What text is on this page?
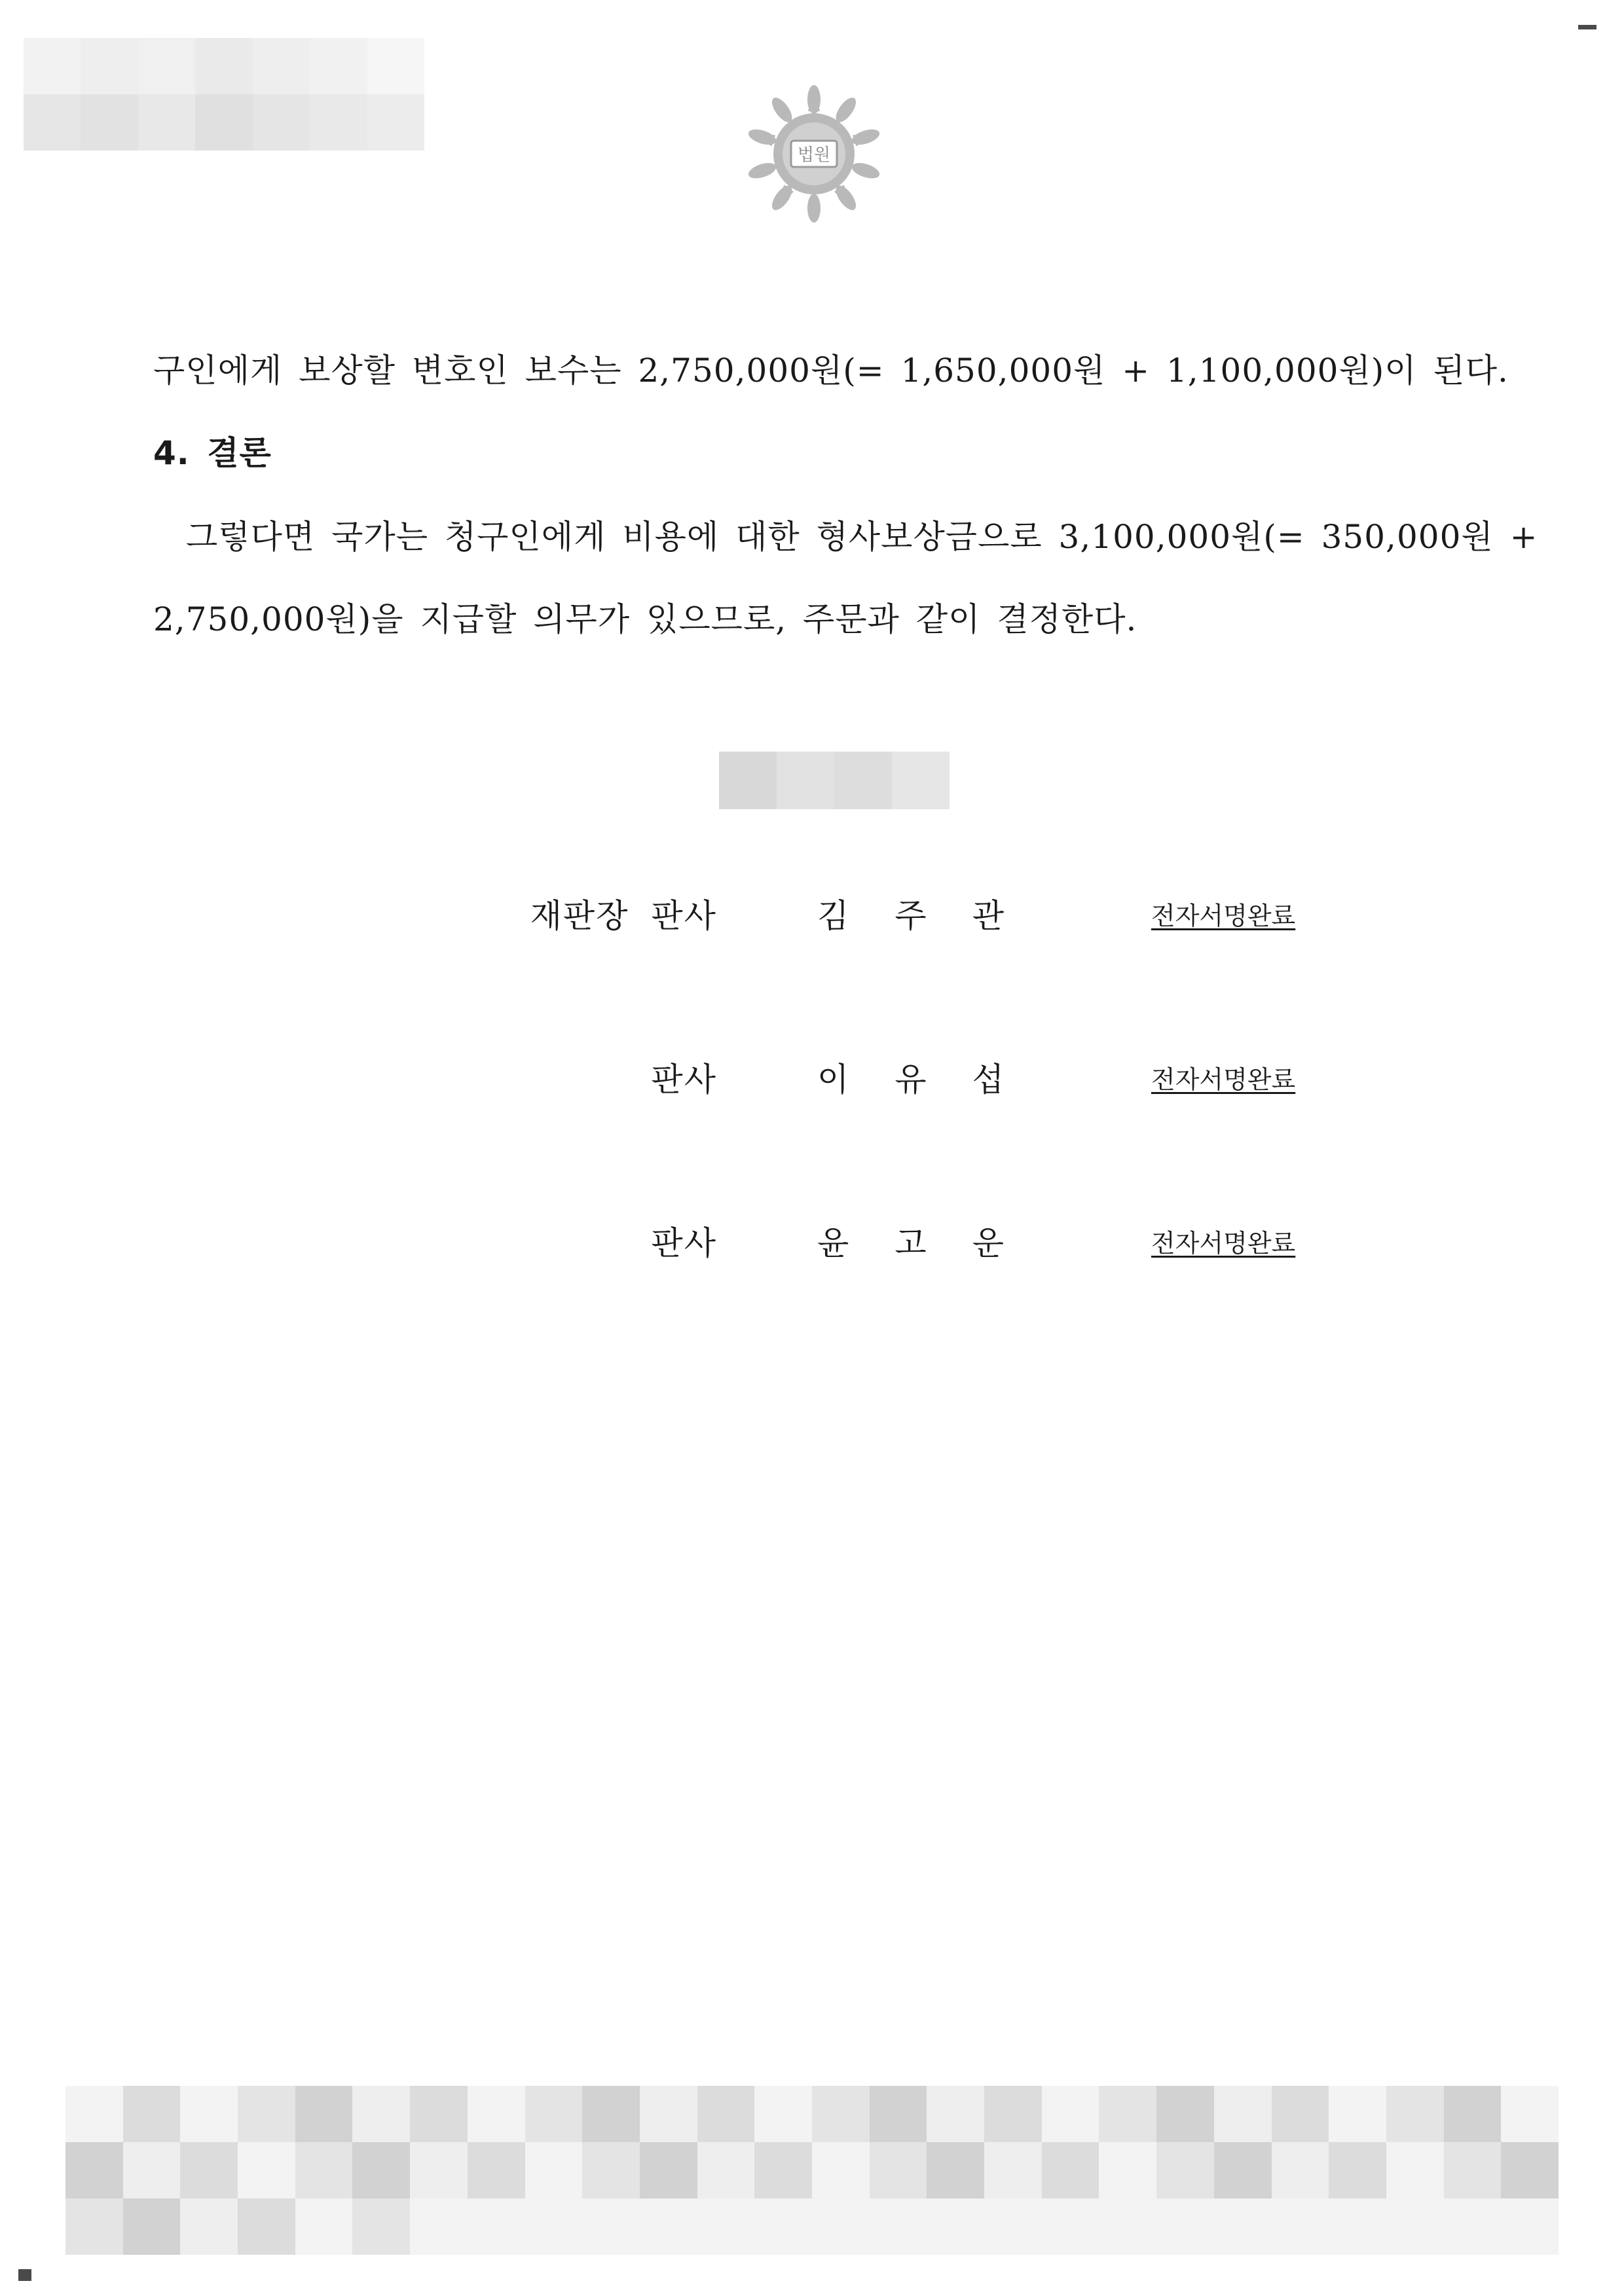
법원
구인에게 보상할 변호인 보수는 2,750,000원(= 1,650,000원 + 1,100,000원)이 된다.
4. 결론
그렇다면 국가는 청구인에게 비용에 대한 형사보상금으로 3,100,000원(= 350,000원 +
2,750,000원)을 지급할 의무가 있으므로, 주문과 같이 결정한다.
재판장 판사	김 주 관	전자서명완료
판사	이 유 섭	전자서명완료
판사	윤 고 운	전자서명완료
